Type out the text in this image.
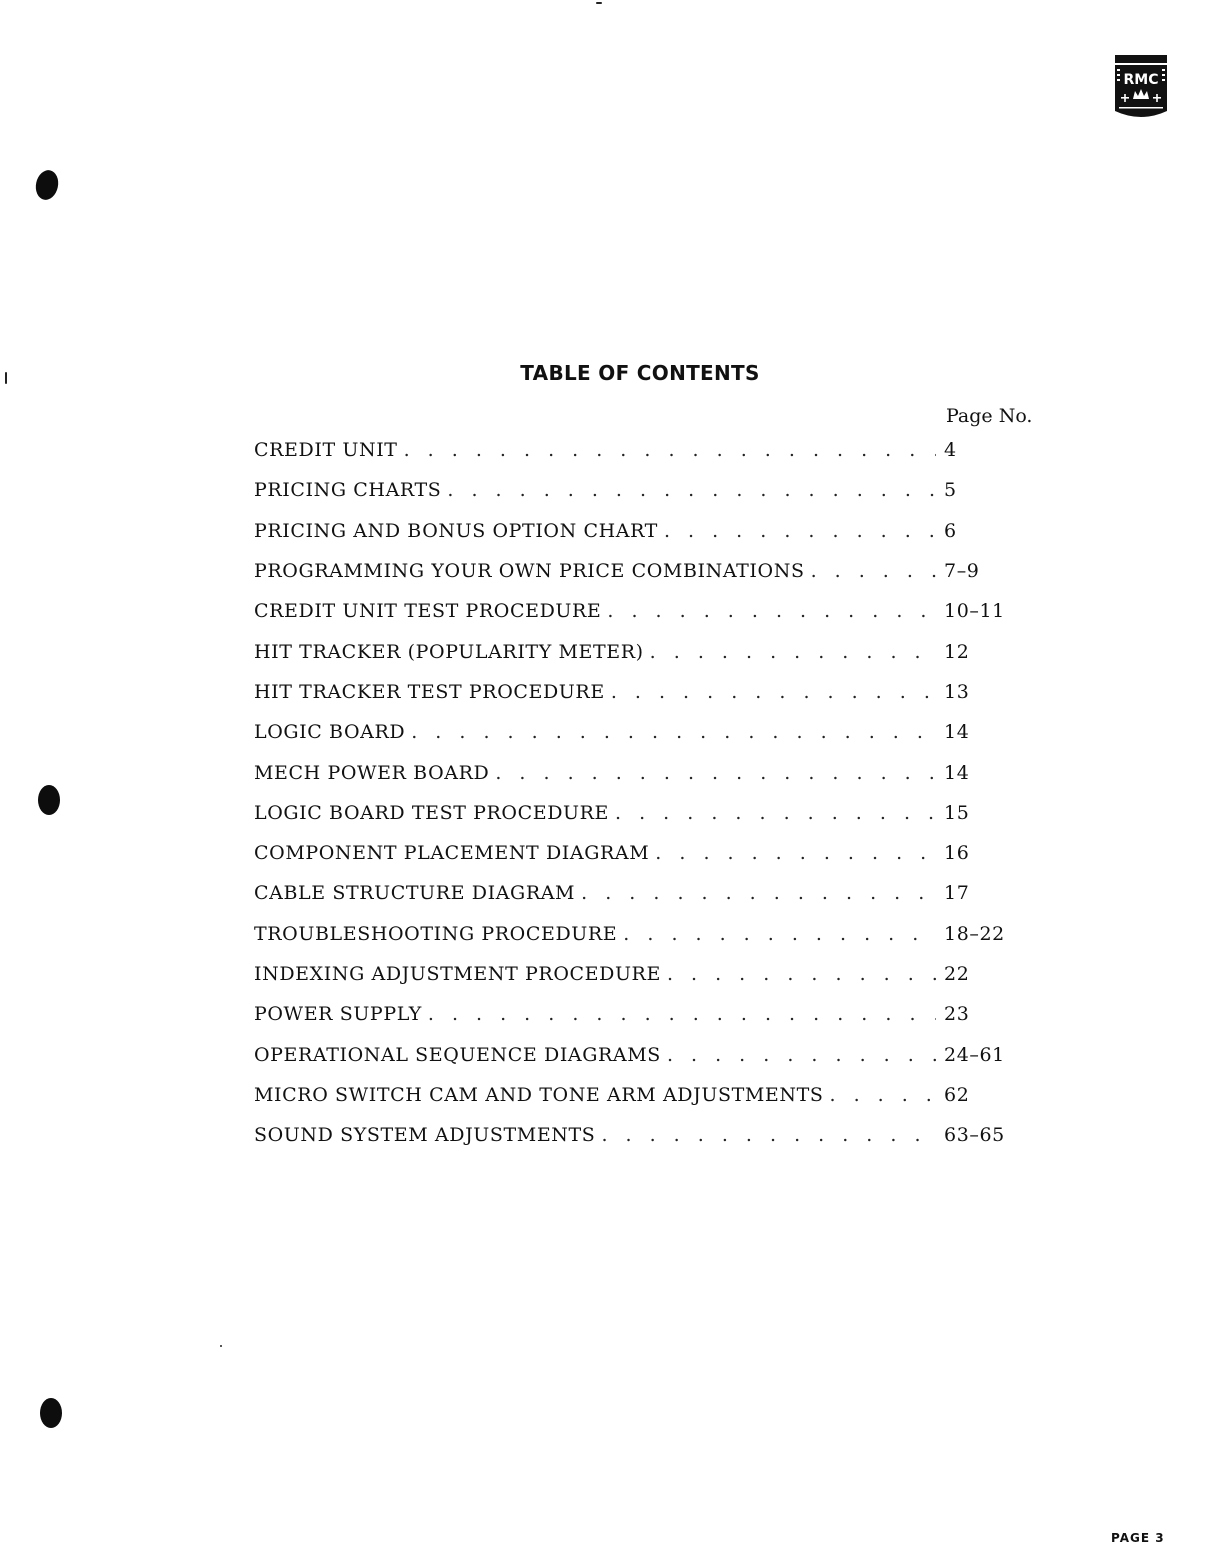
RMC
TABLE OF CONTENTS
Page No.
CREDIT UNIT . . .	4
PRICING CHARTS . . .	5
PRICING AND BONUS OPTION CHART . . .	6
PROGRAMMING YOUR OWN PRICE COMBINATIONS . . .	7–9
CREDIT UNIT TEST PROCEDURE . . .	10–11
HIT TRACKER (POPULARITY METER) . . .	12
HIT TRACKER TEST PROCEDURE . . .	13
LOGIC BOARD . . .	14
MECH POWER BOARD . . .	14
LOGIC BOARD TEST PROCEDURE . . .	15
COMPONENT PLACEMENT DIAGRAM . . .	16
CABLE STRUCTURE DIAGRAM . . .	17
TROUBLESHOOTING PROCEDURE . . .	18–22
INDEXING ADJUSTMENT PROCEDURE . . .	22
POWER SUPPLY . . .	23
OPERATIONAL SEQUENCE DIAGRAMS . . .	24–61
MICRO SWITCH CAM AND TONE ARM ADJUSTMENTS . . .	62
SOUND SYSTEM ADJUSTMENTS . . .	63–65
PAGE 3
